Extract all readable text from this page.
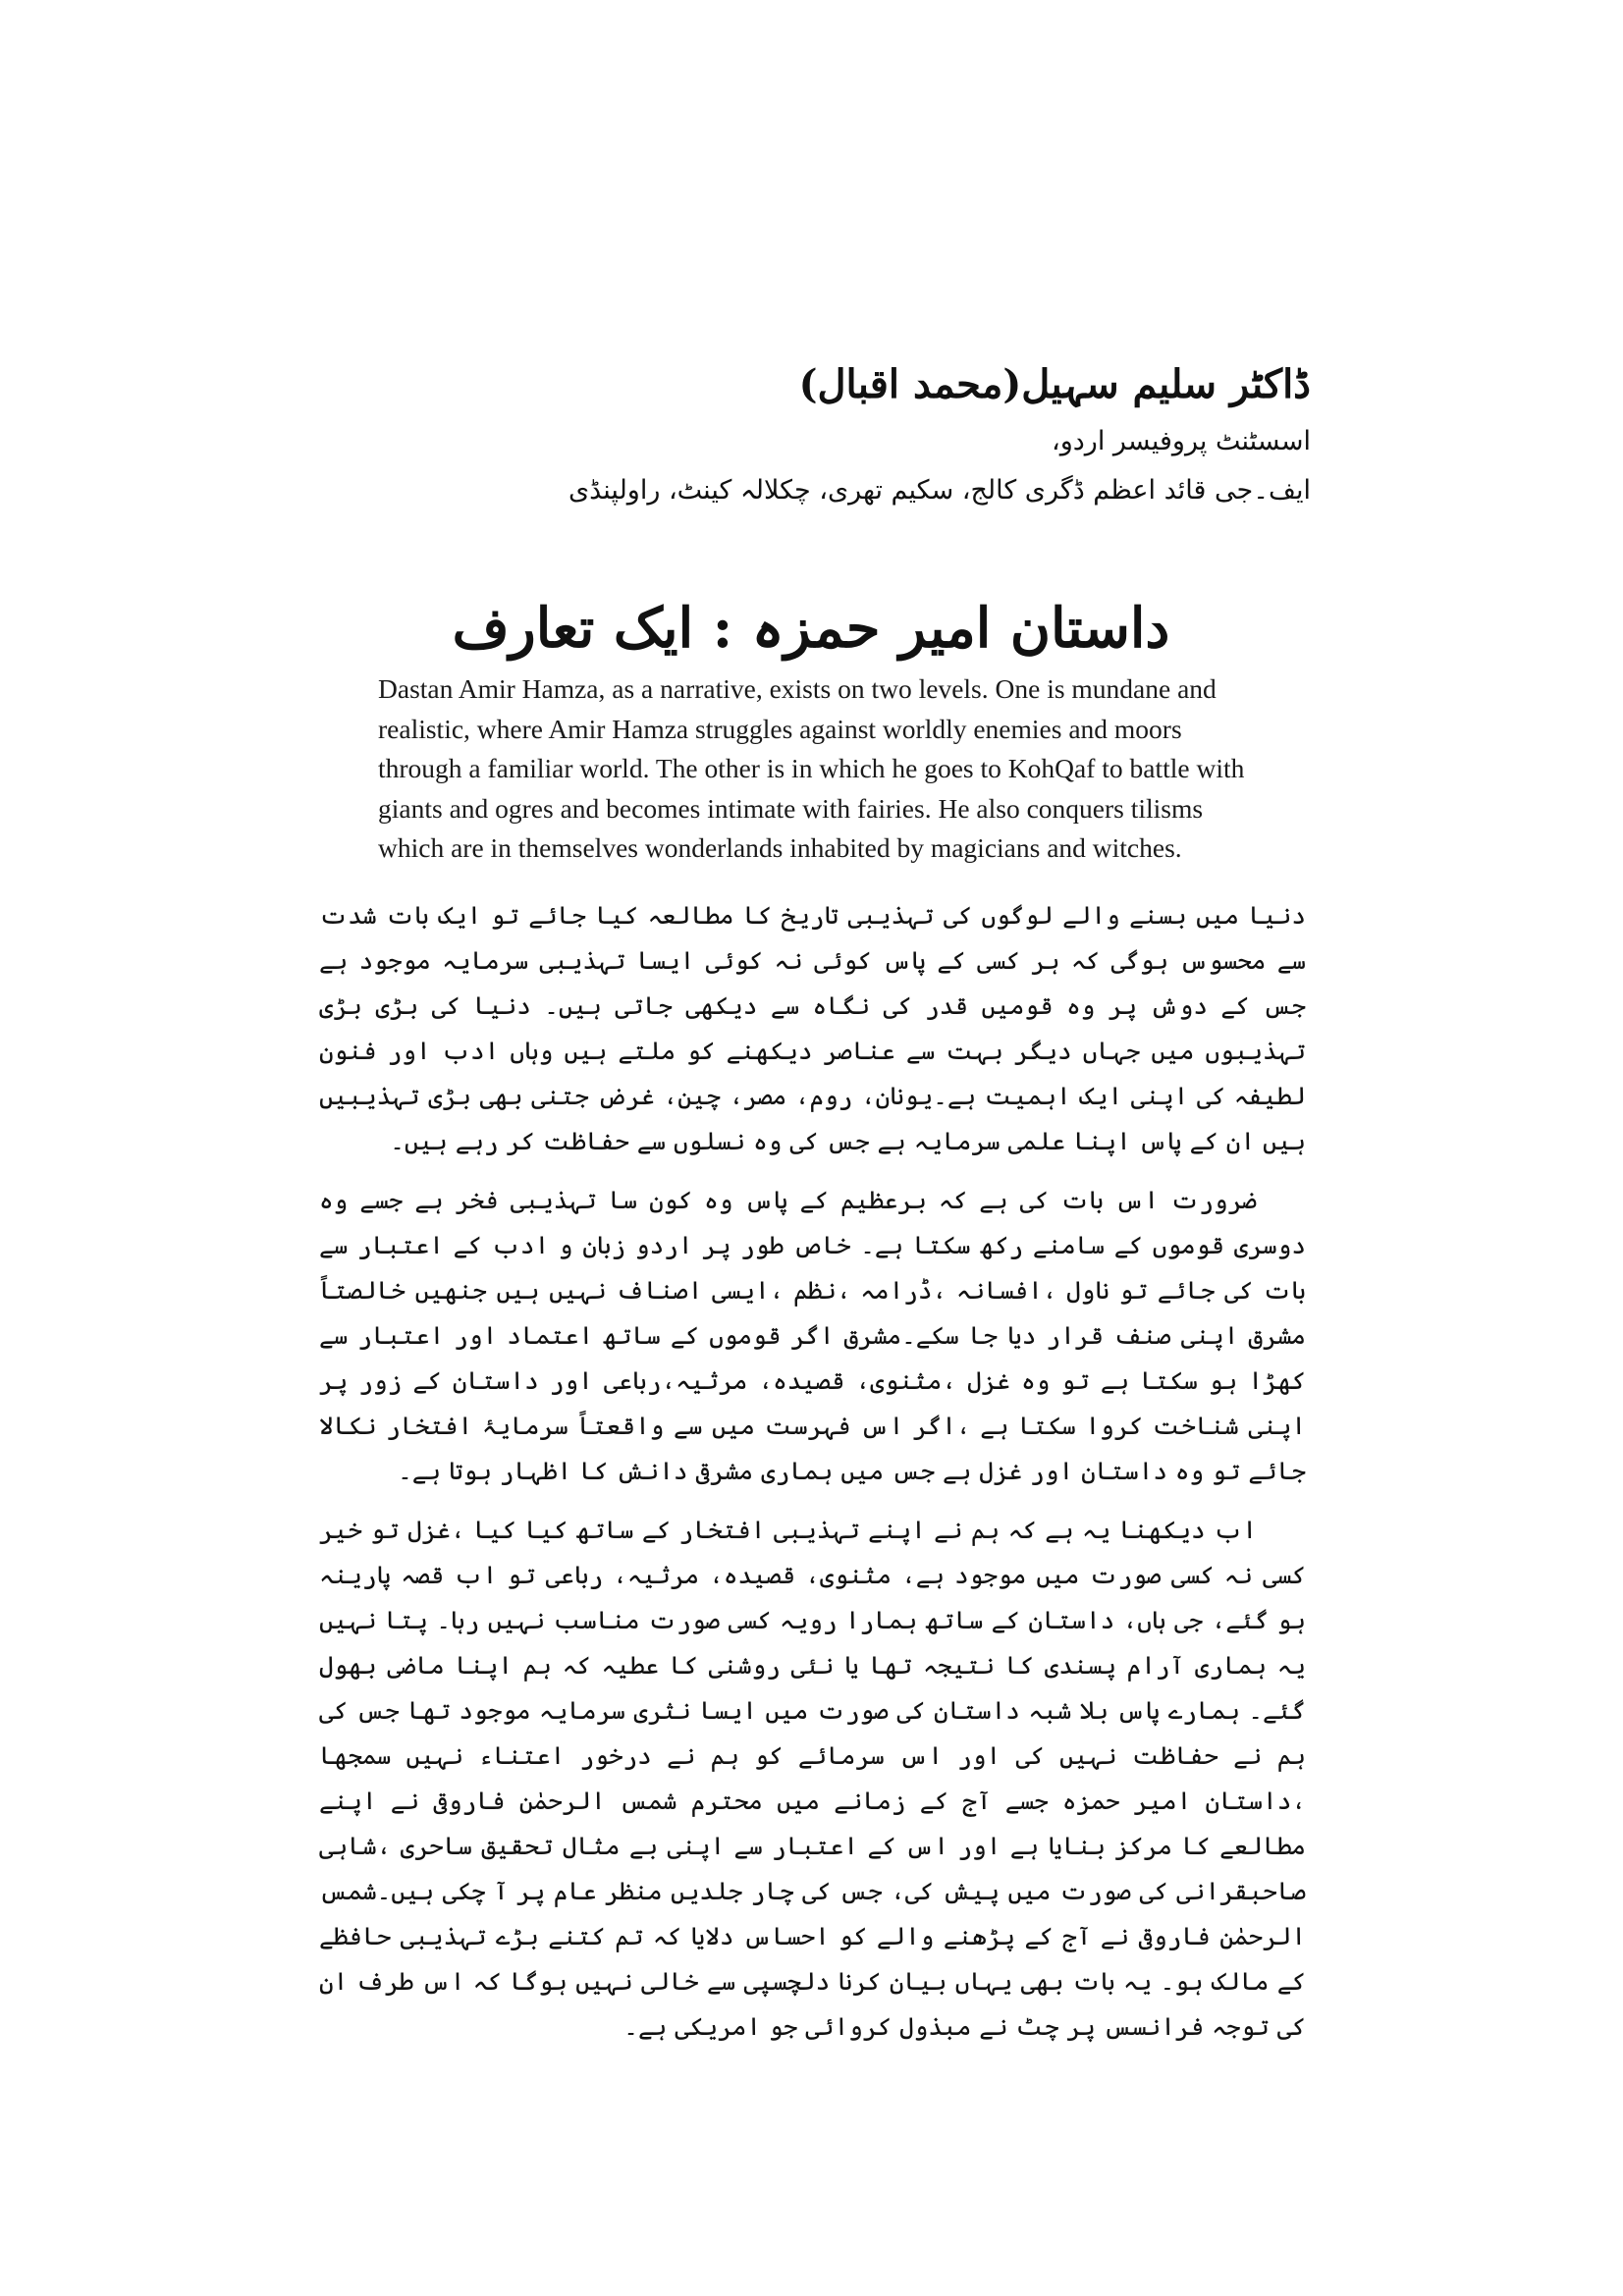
ڈاکٹر سلیم سہیل(محمد اقبال)

اسسٹنٹ پروفیسر اردو،

ایف۔جی قائد اعظم ڈگری کالج، سکیم تھری، چکلالہ کینٹ، راولپنڈی

داستان امیر حمزہ : ایک تعارف

Dastan Amir Hamza, as a narrative, exists on two levels. One is mundane and realistic, where Amir Hamza struggles against worldly enemies and moors through a familiar world. The other is in which he goes to KohQaf to battle with giants and ogres and becomes intimate with fairies. He also conquers tilisms which are in themselves wonderlands inhabited by magicians and witches.

دنیا میں بسنے والے لوگوں کی تہذیبی تاریخ کا مطالعہ کیا جائے تو ایک بات شدت سے محسوس ہوگی کہ ہر کسی کے پاس کوئی نہ کوئی ایسا تہذیبی سرمایہ موجود ہے جس کے دوش پر وہ قومیں قدر کی نگاہ سے دیکھی جاتی ہیں۔ دنیا کی بڑی بڑی تہذیبوں میں جہاں دیگر بہت سے عناصر دیکھنے کو ملتے ہیں وہاں ادب اور فنون لطیفہ کی اپنی ایک اہمیت ہے۔یونان، روم، مصر، چین، غرض جتنی بھی بڑی تہذیبیں ہیں ان کے پاس اپنا علمی سرمایہ ہے جس کی وہ نسلوں سے حفاظت کر رہے ہیں۔

ضرورت اس بات کی ہے کہ برعظیم کے پاس وہ کون سا تہذیبی فخر ہے جسے وہ دوسری قوموں کے سامنے رکھ سکتا ہے۔ خاص طور پر اردو زبان و ادب کے اعتبار سے بات کی جائے تو ناول ،افسانہ ،ڈرامہ ،نظم ،ایسی اصناف نہیں ہیں جنھیں خالصتاً مشرق اپنی صنف قرار دیا جا سکے۔مشرق اگر قوموں کے ساتھ اعتماد اور اعتبار سے کھڑا ہو سکتا ہے تو وہ غزل ،مثنوی، قصیدہ، مرثیہ،رباعی اور داستان کے زور پر اپنی شناخت کروا سکتا ہے ،اگر اس فہرست میں سے واقعتاً سرمایۂ افتخار نکالا جائے تو وہ داستان اور غزل ہے جس میں ہماری مشرقی دانش کا اظہار ہوتا ہے۔

اب دیکھنا یہ ہے کہ ہم نے اپنے تہذیبی افتخار کے ساتھ کیا کیا ،غزل تو خیر کسی نہ کسی صورت میں موجود ہے، مثنوی، قصیدہ، مرثیہ، رباعی تو اب قصہ پارینہ ہو گئے، جی ہاں، داستان کے ساتھ ہمارا رویہ کسی صورت مناسب نہیں رہا۔ پتا نہیں یہ ہماری آرام پسندی کا نتیجہ تھا یا نئی روشنی کا عطیہ کہ ہم اپنا ماضی بھول گئے۔ ہمارے پاس بلا شبہ داستان کی صورت میں ایسا نثری سرمایہ موجود تھا جس کی ہم نے حفاظت نہیں کی اور اس سرمائے کو ہم نے درخور اعتناء نہیں سمجھا ،داستان امیر حمزہ جسے آج کے زمانے میں محترم شمس الرحمٰن فاروقی نے اپنے مطالعے کا مرکز بنایا ہے اور اس کے اعتبار سے اپنی بے مثال تحقیق ساحری ،شاہی صاحبقرانی کی صورت میں پیش کی، جس کی چار جلدیں منظر عام پر آ چکی ہیں۔شمس الرحمٰن فاروقی نے آج کے پڑھنے والے کو احساس دلایا کہ تم کتنے بڑے تہذیبی حافظے کے مالک ہو۔ یہ بات بھی یہاں بیان کرنا دلچسپی سے خالی نہیں ہوگا کہ اس طرف ان کی توجہ فرانسس پر چٹ نے مبذول کروائی جو امریکی ہے۔
